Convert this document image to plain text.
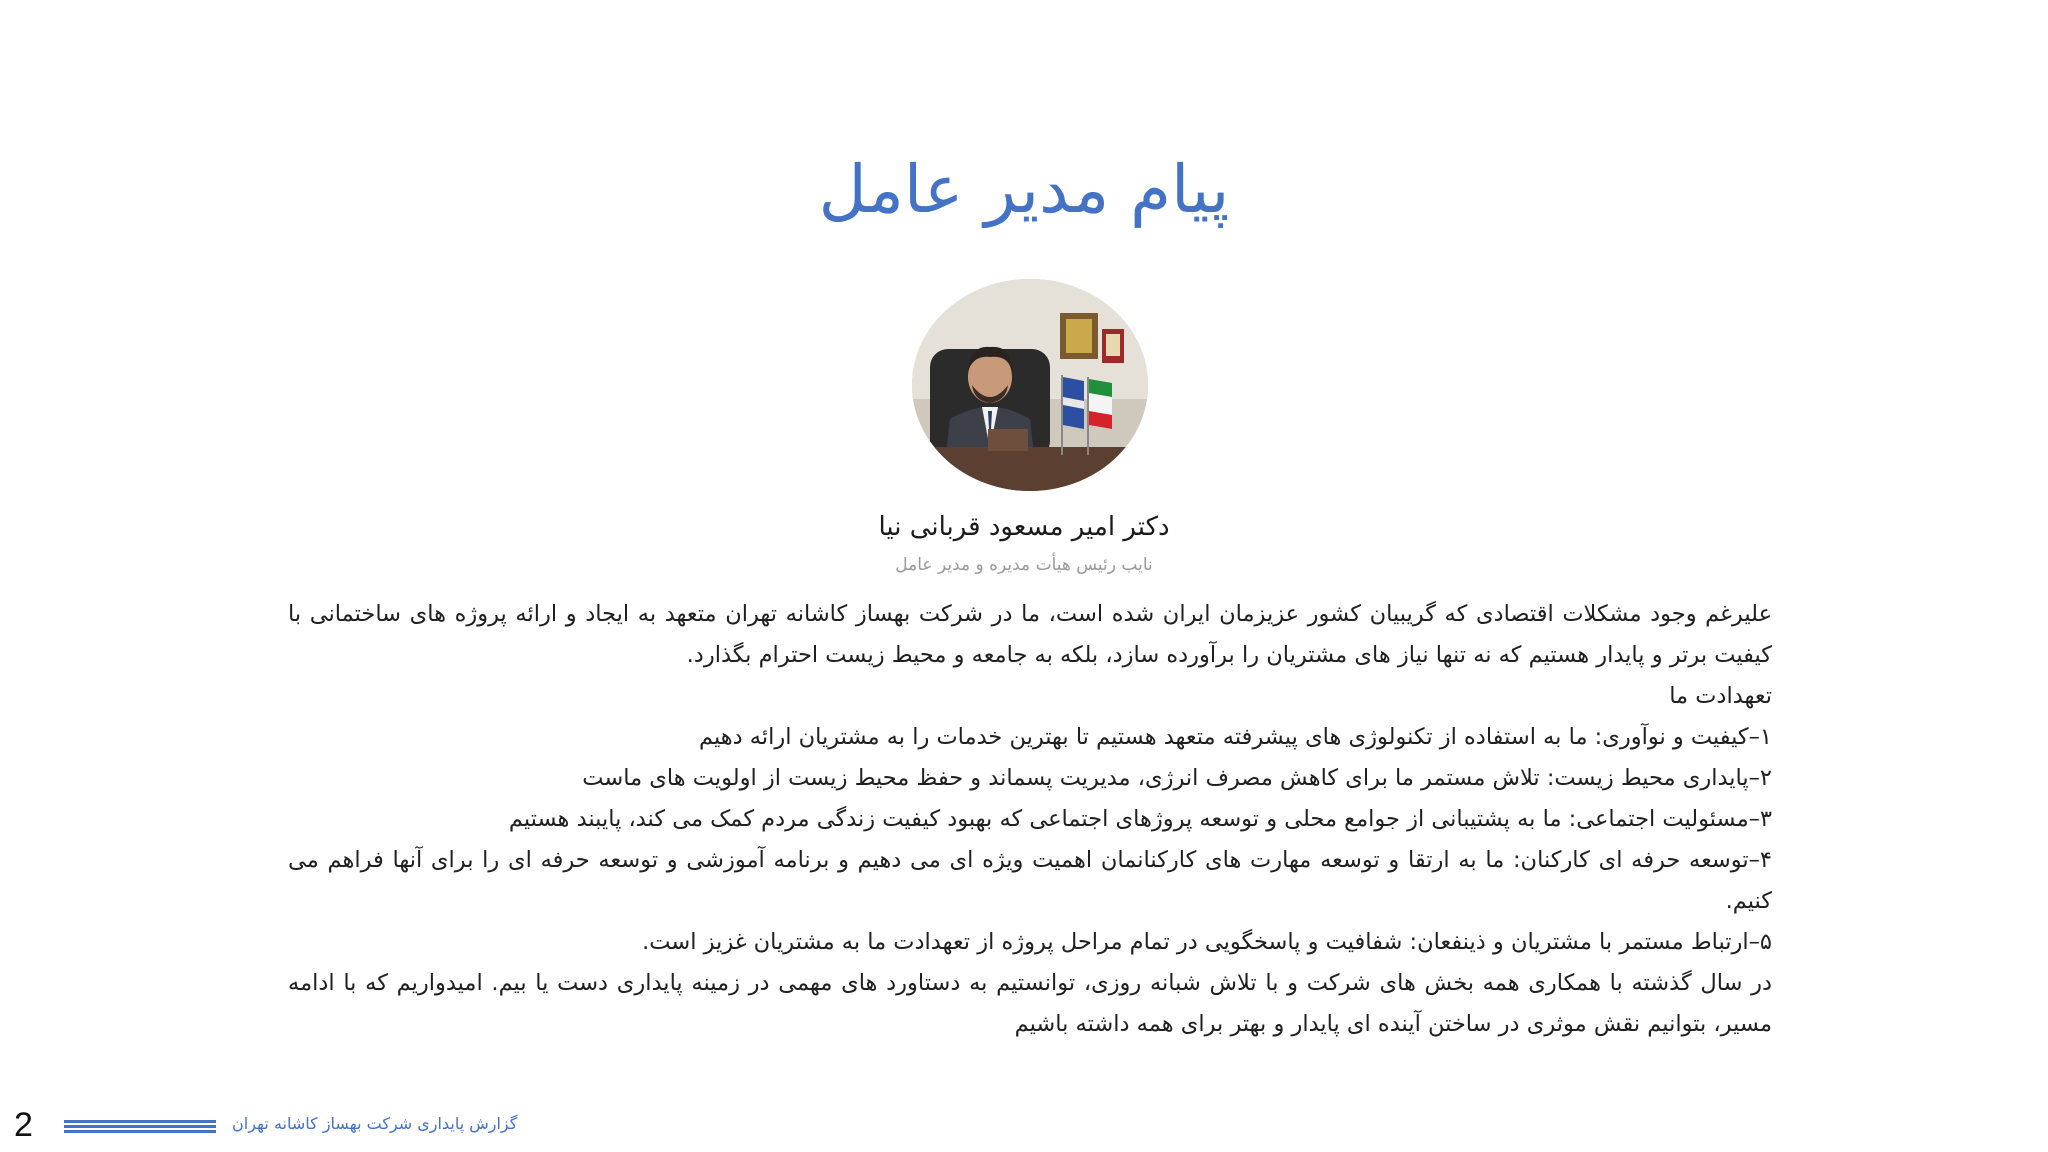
پیام مدیر عامل
دکتر امیر مسعود قربانی نیا
نایب رئیس هیأت مدیره و مدیر عامل

علیرغم وجود مشکلات اقتصادی که گریبیان کشور عزیزمان ایران شده است، ما در شرکت بهساز کاشانه تهران متعهد به ایجاد و ارائه پروژه های ساختمانی با کیفیت برتر و پایدار هستیم که نه تنها نیاز های مشتریان را برآورده سازد، بلکه به جامعه و محیط زیست احترام بگذارد.

تعهدادت ما

۱–کیفیت و نوآوری: ما به استفاده از تکنولوژی های پیشرفته متعهد هستیم تا بهترین خدمات را به مشتریان ارائه دهیم

۲–پایداری محیط زیست: تلاش مستمر ما برای کاهش مصرف انرژی، مدیریت پسماند و حفظ محیط زیست از اولویت های ماست

۳–مسئولیت اجتماعی: ما به پشتیبانی از جوامع محلی و توسعه پروژهای اجتماعی که بهبود کیفیت زندگی مردم کمک می کند، پایبند هستیم

۴–توسعه حرفه ای کارکنان: ما به ارتقا و توسعه مهارت های کارکنانمان اهمیت ویژه ای می دهیم و برنامه آموزشی و توسعه حرفه ای را برای آنها فراهم می کنیم.

۵–ارتباط مستمر با مشتریان و ذینفعان: شفافیت و پاسخگویی در تمام مراحل پروژه از تعهدادت ما به مشتریان غزیز است.

در سال گذشته با همکاری همه بخش های شرکت و با تلاش شبانه روزی، توانستیم به دستاورد های مهمی در زمینه پایداری دست یا بیم. امیدواریم که با ادامه مسیر، بتوانیم نقش موثری در ساختن آینده ای پایدار و بهتر برای همه داشته باشیم

2	گزارش پایداری شرکت بهساز کاشانه تهران
